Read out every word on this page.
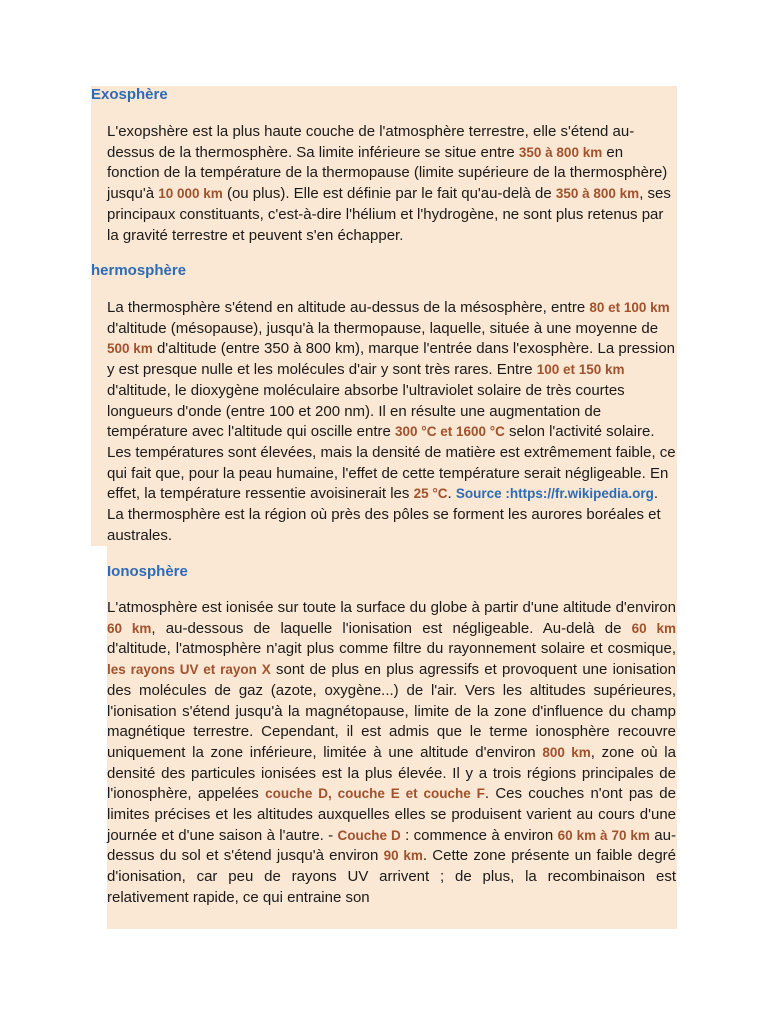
Exosphère

L'exopshère est la plus haute couche de l'atmosphère terrestre, elle s'étend au-dessus de la thermosphère. Sa limite inférieure se situe entre 350 à 800 km en fonction de la température de la thermopause (limite supérieure de la thermosphère) jusqu'à 10 000 km (ou plus). Elle est définie par le fait qu'au-delà de 350 à 800 km, ses principaux constituants, c'est-à-dire l'hélium et l'hydrogène, ne sont plus retenus par la gravité terrestre et peuvent s'en échapper.

hermosphère

La thermosphère s'étend en altitude au-dessus de la mésosphère, entre 80 et 100 km d'altitude (mésopause), jusqu'à la thermopause, laquelle, située à une moyenne de 500 km d'altitude (entre 350 à 800 km), marque l'entrée dans l'exosphère. La pression y est presque nulle et les molécules d'air y sont très rares. Entre 100 et 150 km d'altitude, le dioxygène moléculaire absorbe l'ultraviolet solaire de très courtes longueurs d'onde (entre 100 et 200 nm). Il en résulte une augmentation de température avec l'altitude qui oscille entre 300 °C et 1600 °C selon l'activité solaire. Les températures sont élevées, mais la densité de matière est extrêmement faible, ce qui fait que, pour la peau humaine, l'effet de cette température serait négligeable. En effet, la température ressentie avoisinerait les 25 °C. Source :https://fr.wikipedia.org. La thermosphère est la région où près des pôles se forment les aurores boréales et australes.

Ionosphère

L'atmosphère est ionisée sur toute la surface du globe à partir d'une altitude d'environ 60 km, au-dessous de laquelle l'ionisation est négligeable. Au-delà de 60 km d'altitude, l'atmosphère n'agit plus comme filtre du rayonnement solaire et cosmique, les rayons UV et rayon X sont de plus en plus agressifs et provoquent une ionisation des molécules de gaz (azote, oxygène...) de l'air. Vers les altitudes supérieures, l'ionisation s'étend jusqu'à la magnétopause, limite de la zone d'influence du champ magnétique terrestre. Cependant, il est admis que le terme ionosphère recouvre uniquement la zone inférieure, limitée à une altitude d'environ 800 km, zone où la densité des particules ionisées est la plus élevée. Il y a trois régions principales de l'ionosphère, appelées couche D, couche E et couche F. Ces couches n'ont pas de limites précises et les altitudes auxquelles elles se produisent varient au cours d'une journée et d'une saison à l'autre. - Couche D : commence à environ 60 km à 70 km au-dessus du sol et s'étend jusqu'à environ 90 km. Cette zone présente un faible degré d'ionisation, car peu de rayons UV arrivent ; de plus, la recombinaison est relativement rapide, ce qui entraine son
